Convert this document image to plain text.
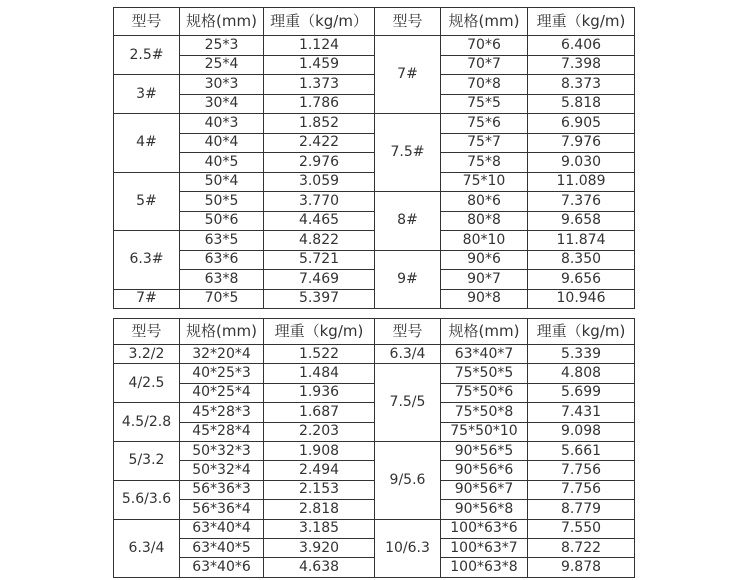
型号	规格(mm)	理重（kg/m）	型号	规格(mm)	理重（kg/m)
2.5#	25*3	1.124	7#	70*6	6.406
	25*4	1.459		70*7	7.398
3#	30*3	1.373		70*8	8.373
	30*4	1.786		75*5	5.818
4#	40*3	1.852	7.5#	75*6	6.905
	40*4	2.422		75*7	7.976
	40*5	2.976		75*8	9.030
5#	50*4	3.059		75*10	11.089
	50*5	3.770	8#	80*6	7.376
	50*6	4.465		80*8	9.658
6.3#	63*5	4.822		80*10	11.874
	63*6	5.721	9#	90*6	8.350
	63*8	7.469		90*7	9.656
7#	70*5	5.397		90*8	10.946
型号	规格(mm)	理重（kg/m)	型号	规格(mm)	理重（kg/m)
3.2/2	32*20*4	1.522	6.3/4	63*40*7	5.339
4/2.5	40*25*3	1.484	7.5/5	75*50*5	4.808
	40*25*4	1.936		75*50*6	5.699
4.5/2.8	45*28*3	1.687		75*50*8	7.431
	45*28*4	2.203		75*50*10	9.098
5/3.2	50*32*3	1.908	9/5.6	90*56*5	5.661
	50*32*4	2.494		90*56*6	7.756
5.6/3.6	56*36*3	2.153		90*56*7	7.756
	56*36*4	2.818		90*56*8	8.779
6.3/4	63*40*4	3.185	10/6.3	100*63*6	7.550
	63*40*5	3.920		100*63*7	8.722
	63*40*6	4.638		100*63*8	9.878
